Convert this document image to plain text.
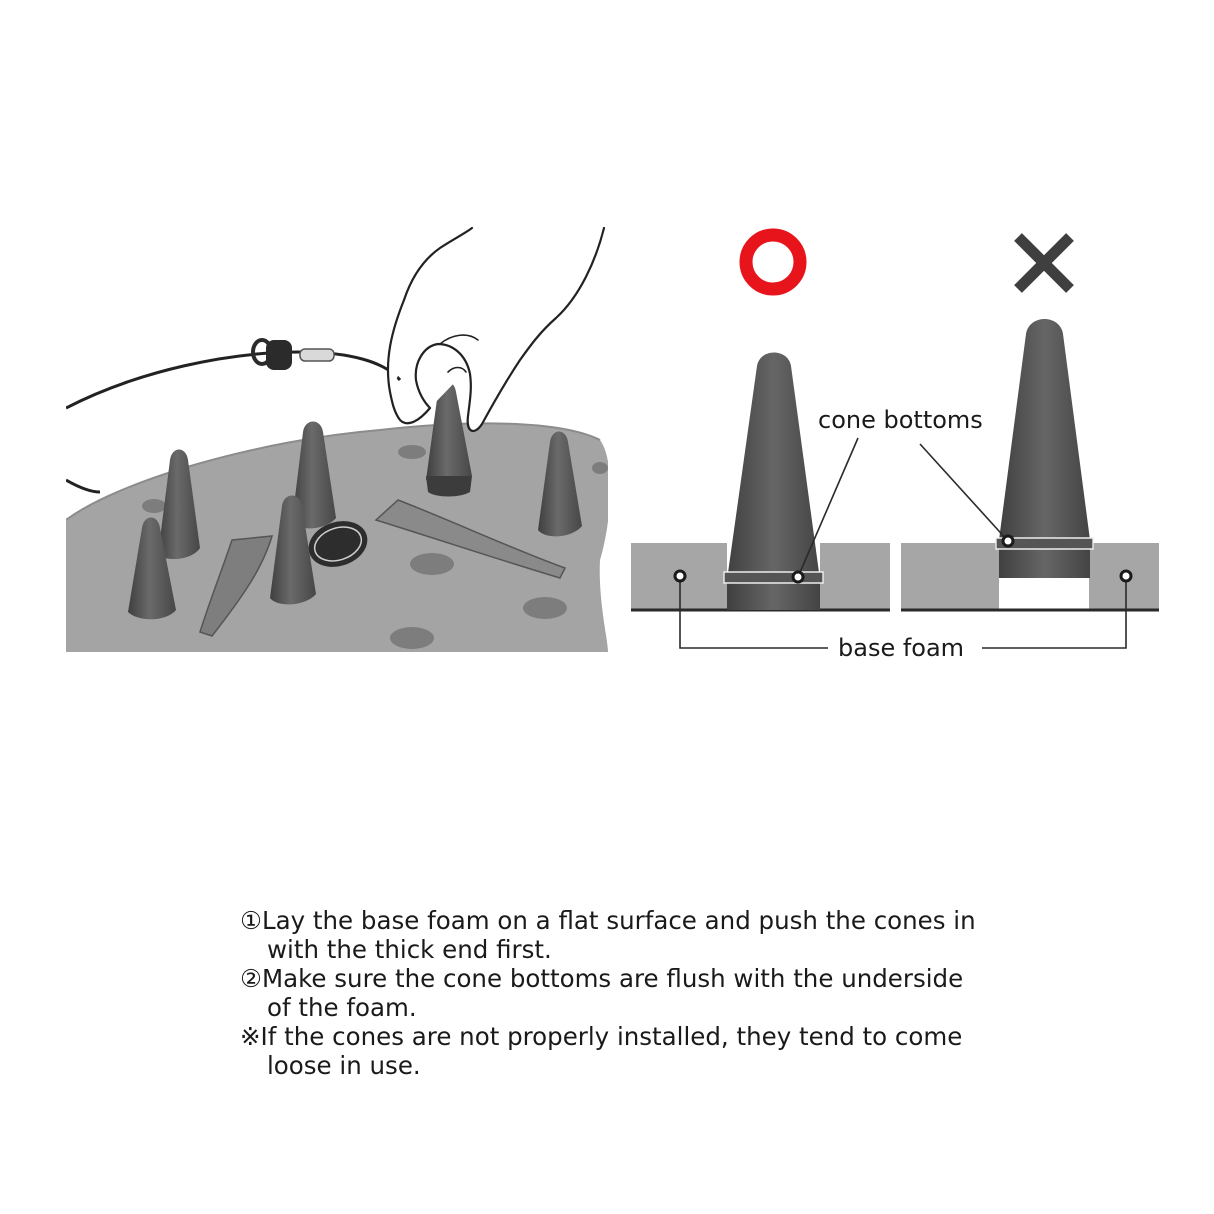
cone bottoms
base foam

①Lay the base foam on a flat surface and push the cones in
with the thick end first.

②Make sure the cone bottoms are flush with the underside
of the foam.

※If the cones are not properly installed, they tend to come
loose in use.
